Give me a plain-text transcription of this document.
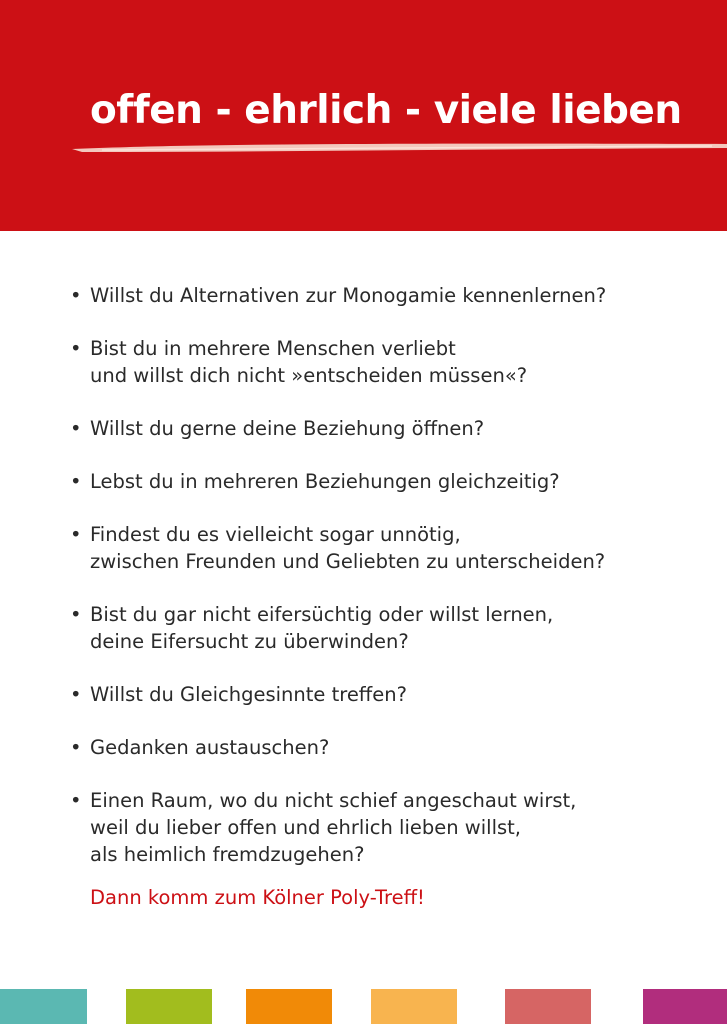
offen - ehrlich - viele lieben
• Willst du Alternativen zur Monogamie kennenlernen?
• Bist du in mehrere Menschen verliebt
und willst dich nicht »entscheiden müssen«?
• Willst du gerne deine Beziehung öffnen?
• Lebst du in mehreren Beziehungen gleichzeitig?
• Findest du es vielleicht sogar unnötig,
zwischen Freunden und Geliebten zu unterscheiden?
• Bist du gar nicht eifersüchtig oder willst lernen,
deine Eifersucht zu überwinden?
• Willst du Gleichgesinnte treffen?
• Gedanken austauschen?
• Einen Raum, wo du nicht schief angeschaut wirst,
weil du lieber offen und ehrlich lieben willst,
als heimlich fremdzugehen?
Dann komm zum Kölner Poly-Treff!
